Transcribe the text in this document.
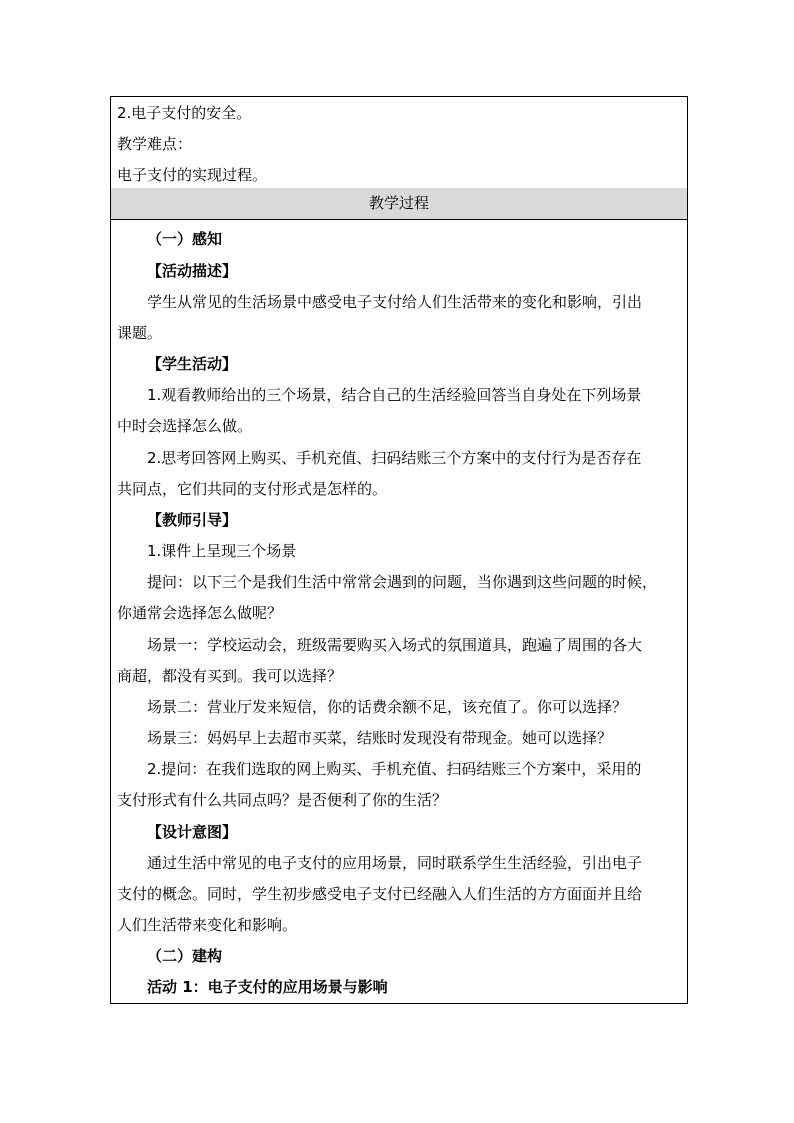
2.电子支付的安全。
教学难点：
电子支付的实现过程。
教学过程
（一）感知
【活动描述】
学生从常见的生活场景中感受电子支付给人们生活带来的变化和影响，引出
课题。
【学生活动】
1.观看教师给出的三个场景，结合自己的生活经验回答当自身处在下列场景
中时会选择怎么做。
2.思考回答网上购买、手机充值、扫码结账三个方案中的支付行为是否存在
共同点，它们共同的支付形式是怎样的。
【教师引导】
1.课件上呈现三个场景
提问：以下三个是我们生活中常常会遇到的问题，当你遇到这些问题的时候，
你通常会选择怎么做呢？
场景一：学校运动会，班级需要购买入场式的氛围道具，跑遍了周围的各大
商超，都没有买到。我可以选择？
场景二：营业厅发来短信，你的话费余额不足，该充值了。你可以选择？
场景三：妈妈早上去超市买菜，结账时发现没有带现金。她可以选择？
2.提问：在我们选取的网上购买、手机充值、扫码结账三个方案中，采用的
支付形式有什么共同点吗？是否便利了你的生活？
【设计意图】
通过生活中常见的电子支付的应用场景，同时联系学生生活经验，引出电子
支付的概念。同时，学生初步感受电子支付已经融入人们生活的方方面面并且给
人们生活带来变化和影响。
（二）建构
活动 1：电子支付的应用场景与影响
